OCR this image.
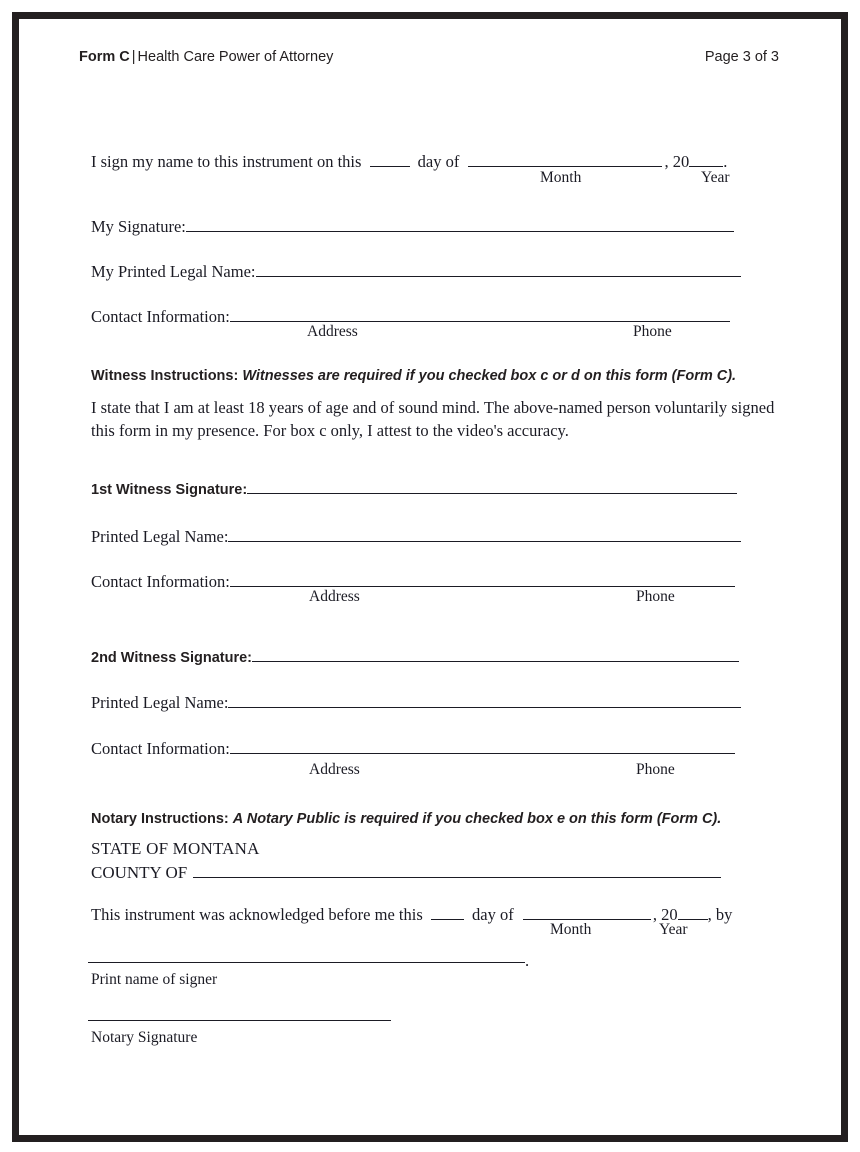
Form C | Health Care Power of Attorney	Page 3 of 3
I sign my name to this instrument on this	day of	, 20 .
Month	Year
My Signature:
My Printed Legal Name:
Contact Information:
Address	Phone
Witness Instructions: Witnesses are required if you checked box c or d on this form (Form C).
I state that I am at least 18 years of age and of sound mind. The above-named person voluntarily signed this form in my presence. For box c only, I attest to the video's accuracy.
1st Witness Signature:
Printed Legal Name:
Contact Information:
Address	Phone
2nd Witness Signature:
Printed Legal Name:
Contact Information:
Address	Phone
Notary Instructions: A Notary Public is required if you checked box e on this form (Form C).
STATE OF MONTANA
COUNTY OF
This instrument was acknowledged before me this	day of	, 20 , by
Month	Year
.
Print name of signer
Notary Signature
